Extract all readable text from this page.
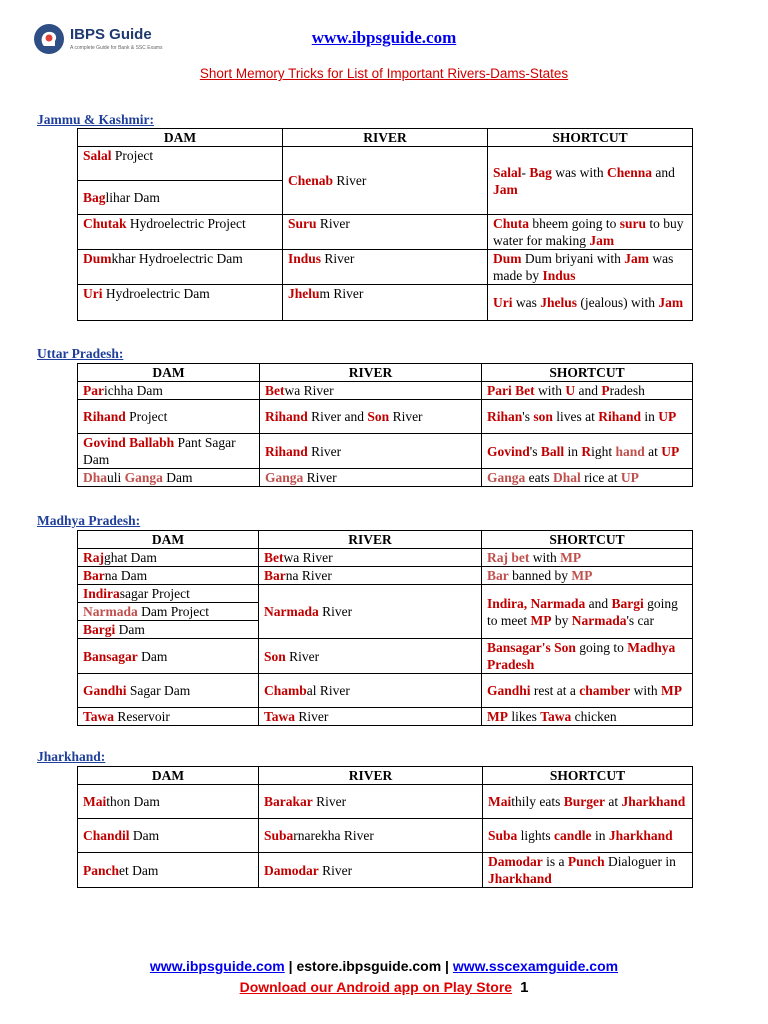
IBPS Guide
A complete Guide for Bank & SSC Exams
www.ibpsguide.com
Short Memory Tricks for List of Important Rivers-Dams-States
Jammu & Kashmir:
DAM	RIVER	SHORTCUT
Salal Project	Chenab River	Salal- Bag was with Chenna and Jam
Baglihar Dam		
Chutak Hydroelectric Project	Suru River	Chuta bheem going to suru to buy water for making Jam
Dumkhar Hydroelectric Dam	Indus River	Dum Dum briyani with Jam was made by Indus
Uri Hydroelectric Dam	Jhelum River	Uri was Jhelus (jealous) with Jam
Uttar Pradesh:
DAM	RIVER	SHORTCUT
Parichha Dam	Betwa River	Pari Bet with U and Pradesh
Rihand Project	Rihand River and Son River	Rihan's son lives at Rihand in UP
Govind Ballabh Pant Sagar Dam	Rihand River	Govind's Ball in Right hand at UP
Dhauli Ganga Dam	Ganga River	Ganga eats Dhal rice at UP
Madhya Pradesh:
DAM	RIVER	SHORTCUT
Rajghat Dam	Betwa River	Raj bet with MP
Barna Dam	Barna River	Bar banned by MP
Indirasagar Project	Narmada River	Indira, Narmada and Bargi going to meet MP by Narmada's car
Narmada Dam Project		
Bargi Dam		
Bansagar Dam	Son River	Bansagar's Son going to Madhya Pradesh
Gandhi Sagar Dam	Chambal River	Gandhi rest at a chamber with MP
Tawa Reservoir	Tawa River	MP likes Tawa chicken
Jharkhand:
DAM	RIVER	SHORTCUT
Maithon Dam	Barakar River	Maithily eats Burger at Jharkhand
Chandil Dam	Subarnarekha River	Suba lights candle in Jharkhand
Panchet Dam	Damodar River	Damodar is a Punch Dialoguer in Jharkhand
www.ibpsguide.com | estore.ibpsguide.com | www.sscexamguide.com
Download our Android app on Play Store 1
